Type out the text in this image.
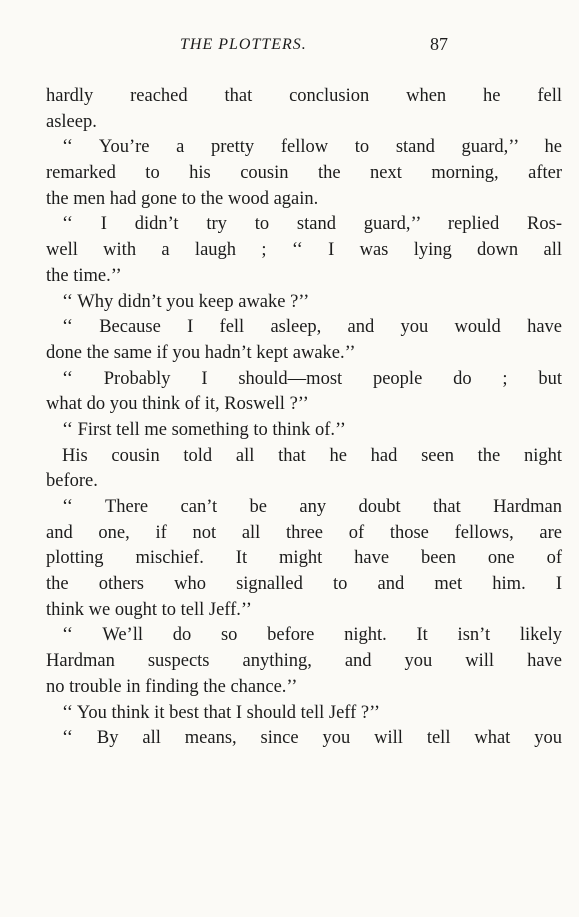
THE PLOTTERS.	87
hardly reached that conclusion when he fell
asleep.
‘‘ You’re a pretty fellow to stand guard,’’ he
remarked to his cousin the next morning, after
the men had gone to the wood again.
‘‘ I didn’t try to stand guard,’’ replied Ros-
well with a laugh ; ‘‘ I was lying down all
the time.’’
‘‘ Why didn’t you keep awake ?’’
‘‘ Because I fell asleep, and you would have
done the same if you hadn’t kept awake.’’
‘‘ Probably I should—most people do ; but
what do you think of it, Roswell ?’’
‘‘ First tell me something to think of.’’
His cousin told all that he had seen the night
before.
‘‘ There can’t be any doubt that Hardman
and one, if not all three of those fellows, are
plotting mischief. It might have been one of
the others who signalled to and met him. I
think we ought to tell Jeff.’’
‘‘ We’ll do so before night. It isn’t likely
Hardman suspects anything, and you will have
no trouble in finding the chance.’’
‘‘ You think it best that I should tell Jeff ?’’
‘‘ By all means, since you will tell what you
